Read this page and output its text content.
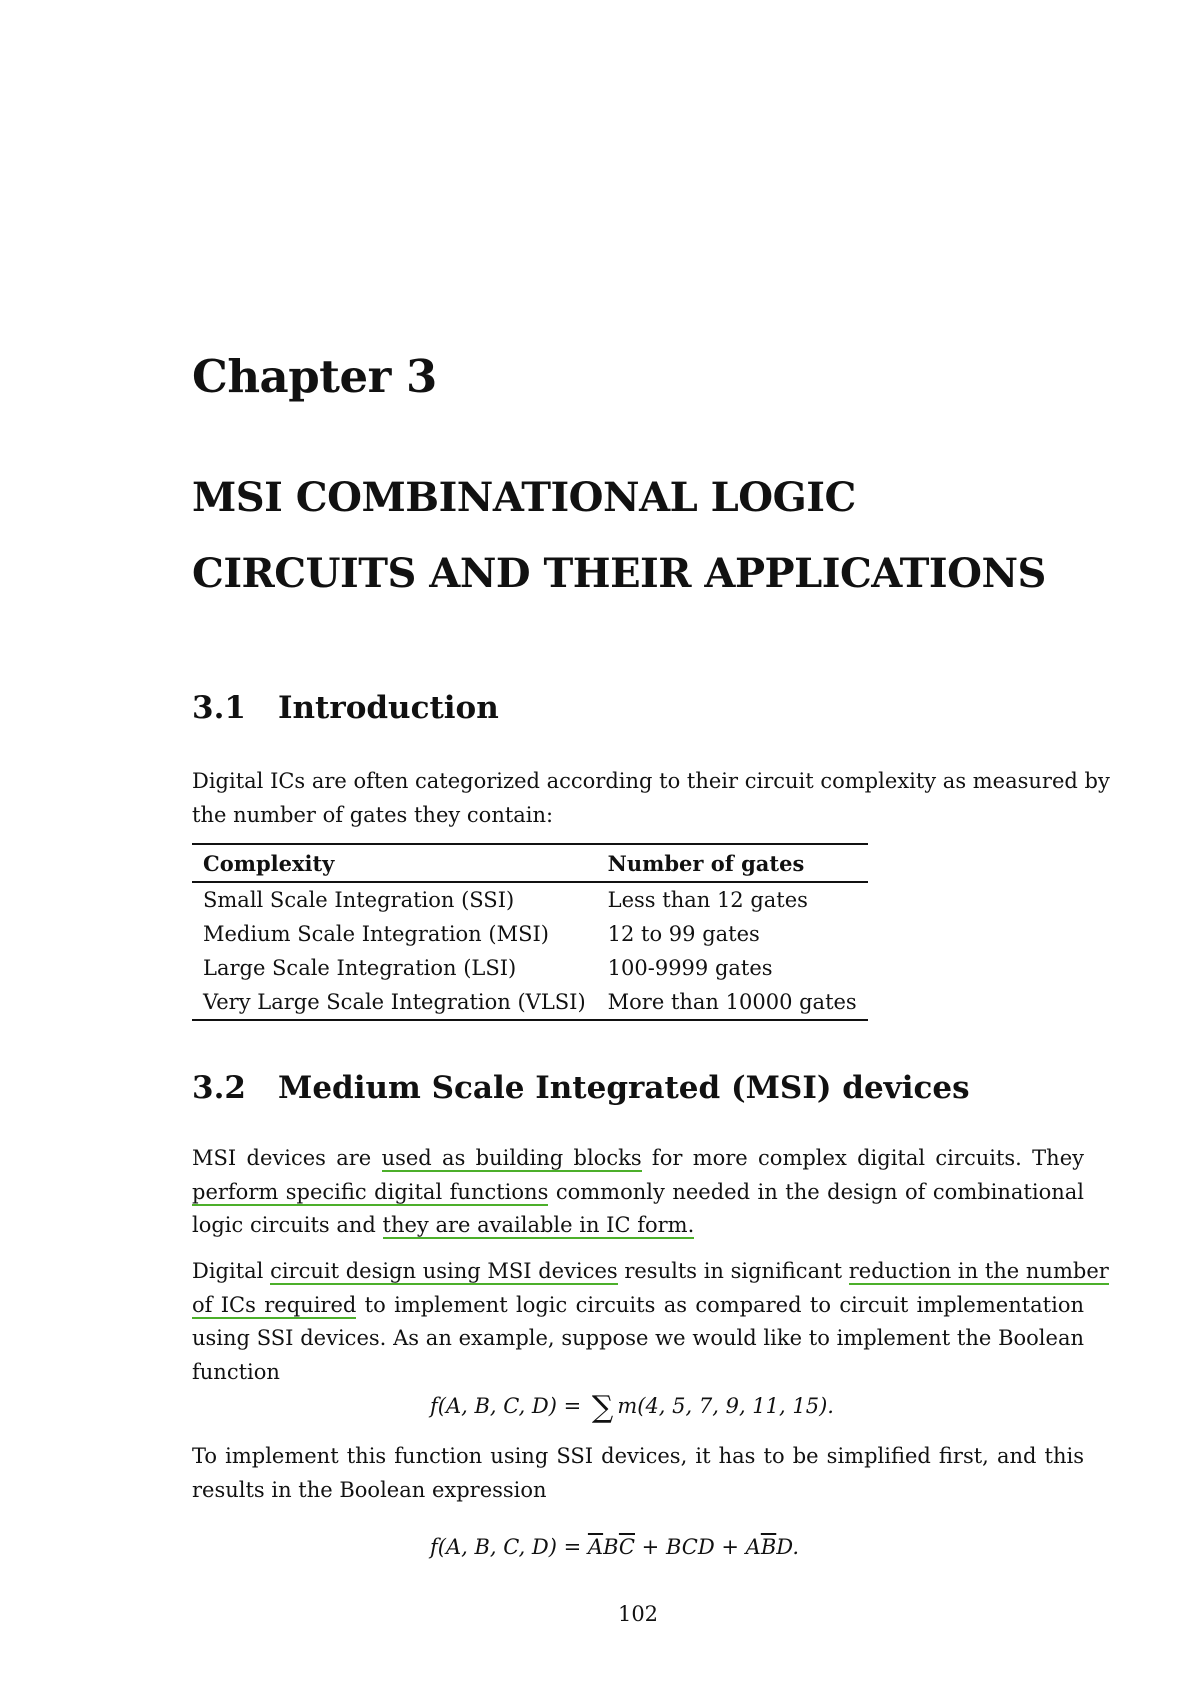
Chapter 3
MSI COMBINATIONAL LOGIC
CIRCUITS AND THEIR APPLICATIONS
3.1 Introduction
Digital ICs are often categorized according to their circuit complexity as measured by
the number of gates they contain:
Complexity	Number of gates
Small Scale Integration (SSI)	Less than 12 gates
Medium Scale Integration (MSI)	12 to 99 gates
Large Scale Integration (LSI)	100-9999 gates
Very Large Scale Integration (VLSI)	More than 10000 gates
3.2 Medium Scale Integrated (MSI) devices
MSI devices are used as building blocks for more complex digital circuits. They
perform specific digital functions commonly needed in the design of combinational
logic circuits and they are available in IC form.
Digital circuit design using MSI devices results in significant reduction in the number
of ICs required to implement logic circuits as compared to circuit implementation
using SSI devices. As an example, suppose we would like to implement the Boolean
function
f(A, B, C, D) = ∑ m(4, 5, 7, 9, 11, 15).
To implement this function using SSI devices, it has to be simplified first, and this
results in the Boolean expression
f(A, B, C, $D) = \overline{A}B\overline{C}$ + BCD + $A\overline{B}D$.
102
